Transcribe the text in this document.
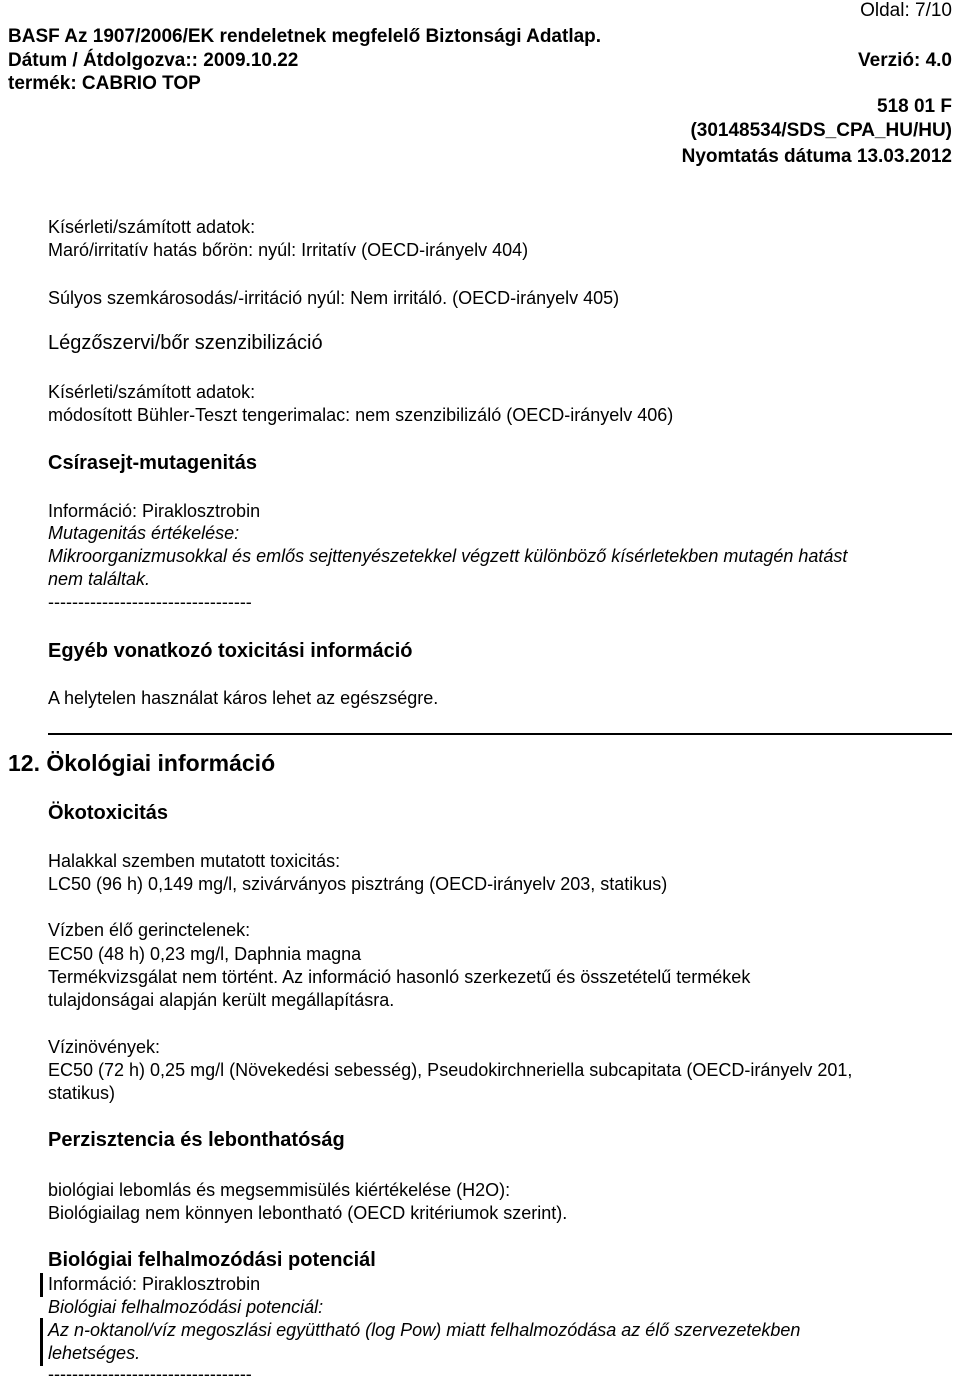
Oldal: 7/10
BASF Az 1907/2006/EK rendeletnek megfelelő Biztonsági Adatlap.
Dátum / Átdolgozva:: 2009.10.22	Verzió: 4.0
termék: CABRIO TOP
518 01 F
(30148534/SDS_CPA_HU/HU)
Nyomtatás dátuma 13.03.2012
Kísérleti/számított adatok:
Maró/irritatív hatás bőrön: nyúl: Irritatív (OECD-irányelv 404)
Súlyos szemkárosodás/-irritáció nyúl: Nem irritáló. (OECD-irányelv 405)
Légzőszervi/bőr szenzibilizáció
Kísérleti/számított adatok:
módosított Bühler-Teszt tengerimalac: nem szenzibilizáló (OECD-irányelv 406)
Csírasejt-mutagenitás
Információ: Piraklosztrobin
Mutagenitás értékelése:
Mikroorganizmusokkal és emlős sejttenyészetekkel végzett különböző kísérletekben mutagén hatást
nem találtak.
----------------------------------
Egyéb vonatkozó toxicitási információ
A helytelen használat káros lehet az egészségre.
12. Ökológiai információ
Ökotoxicitás
Halakkal szemben mutatott toxicitás:
LC50 (96 h) 0,149 mg/l, szivárványos pisztráng (OECD-irányelv 203, statikus)
Vízben élő gerinctelenek:
EC50 (48 h) 0,23 mg/l, Daphnia magna
Termékvizsgálat nem történt. Az információ hasonló szerkezetű és összetételű termékek
tulajdonságai alapján került megállapításra.
Vízinövények:
EC50 (72 h) 0,25 mg/l (Növekedési sebesség), Pseudokirchneriella subcapitata (OECD-irányelv 201,
statikus)
Perzisztencia és lebonthatóság
biológiai lebomlás és megsemmisülés kiértékelése (H2O):
Biológiailag nem könnyen lebontható (OECD kritériumok szerint).
Biológiai felhalmozódási potenciál
Információ: Piraklosztrobin
Biológiai felhalmozódási potenciál:
Az n-oktanol/víz megoszlási együttható (log Pow) miatt felhalmozódása az élő szervezetekben
lehetséges.
----------------------------------
